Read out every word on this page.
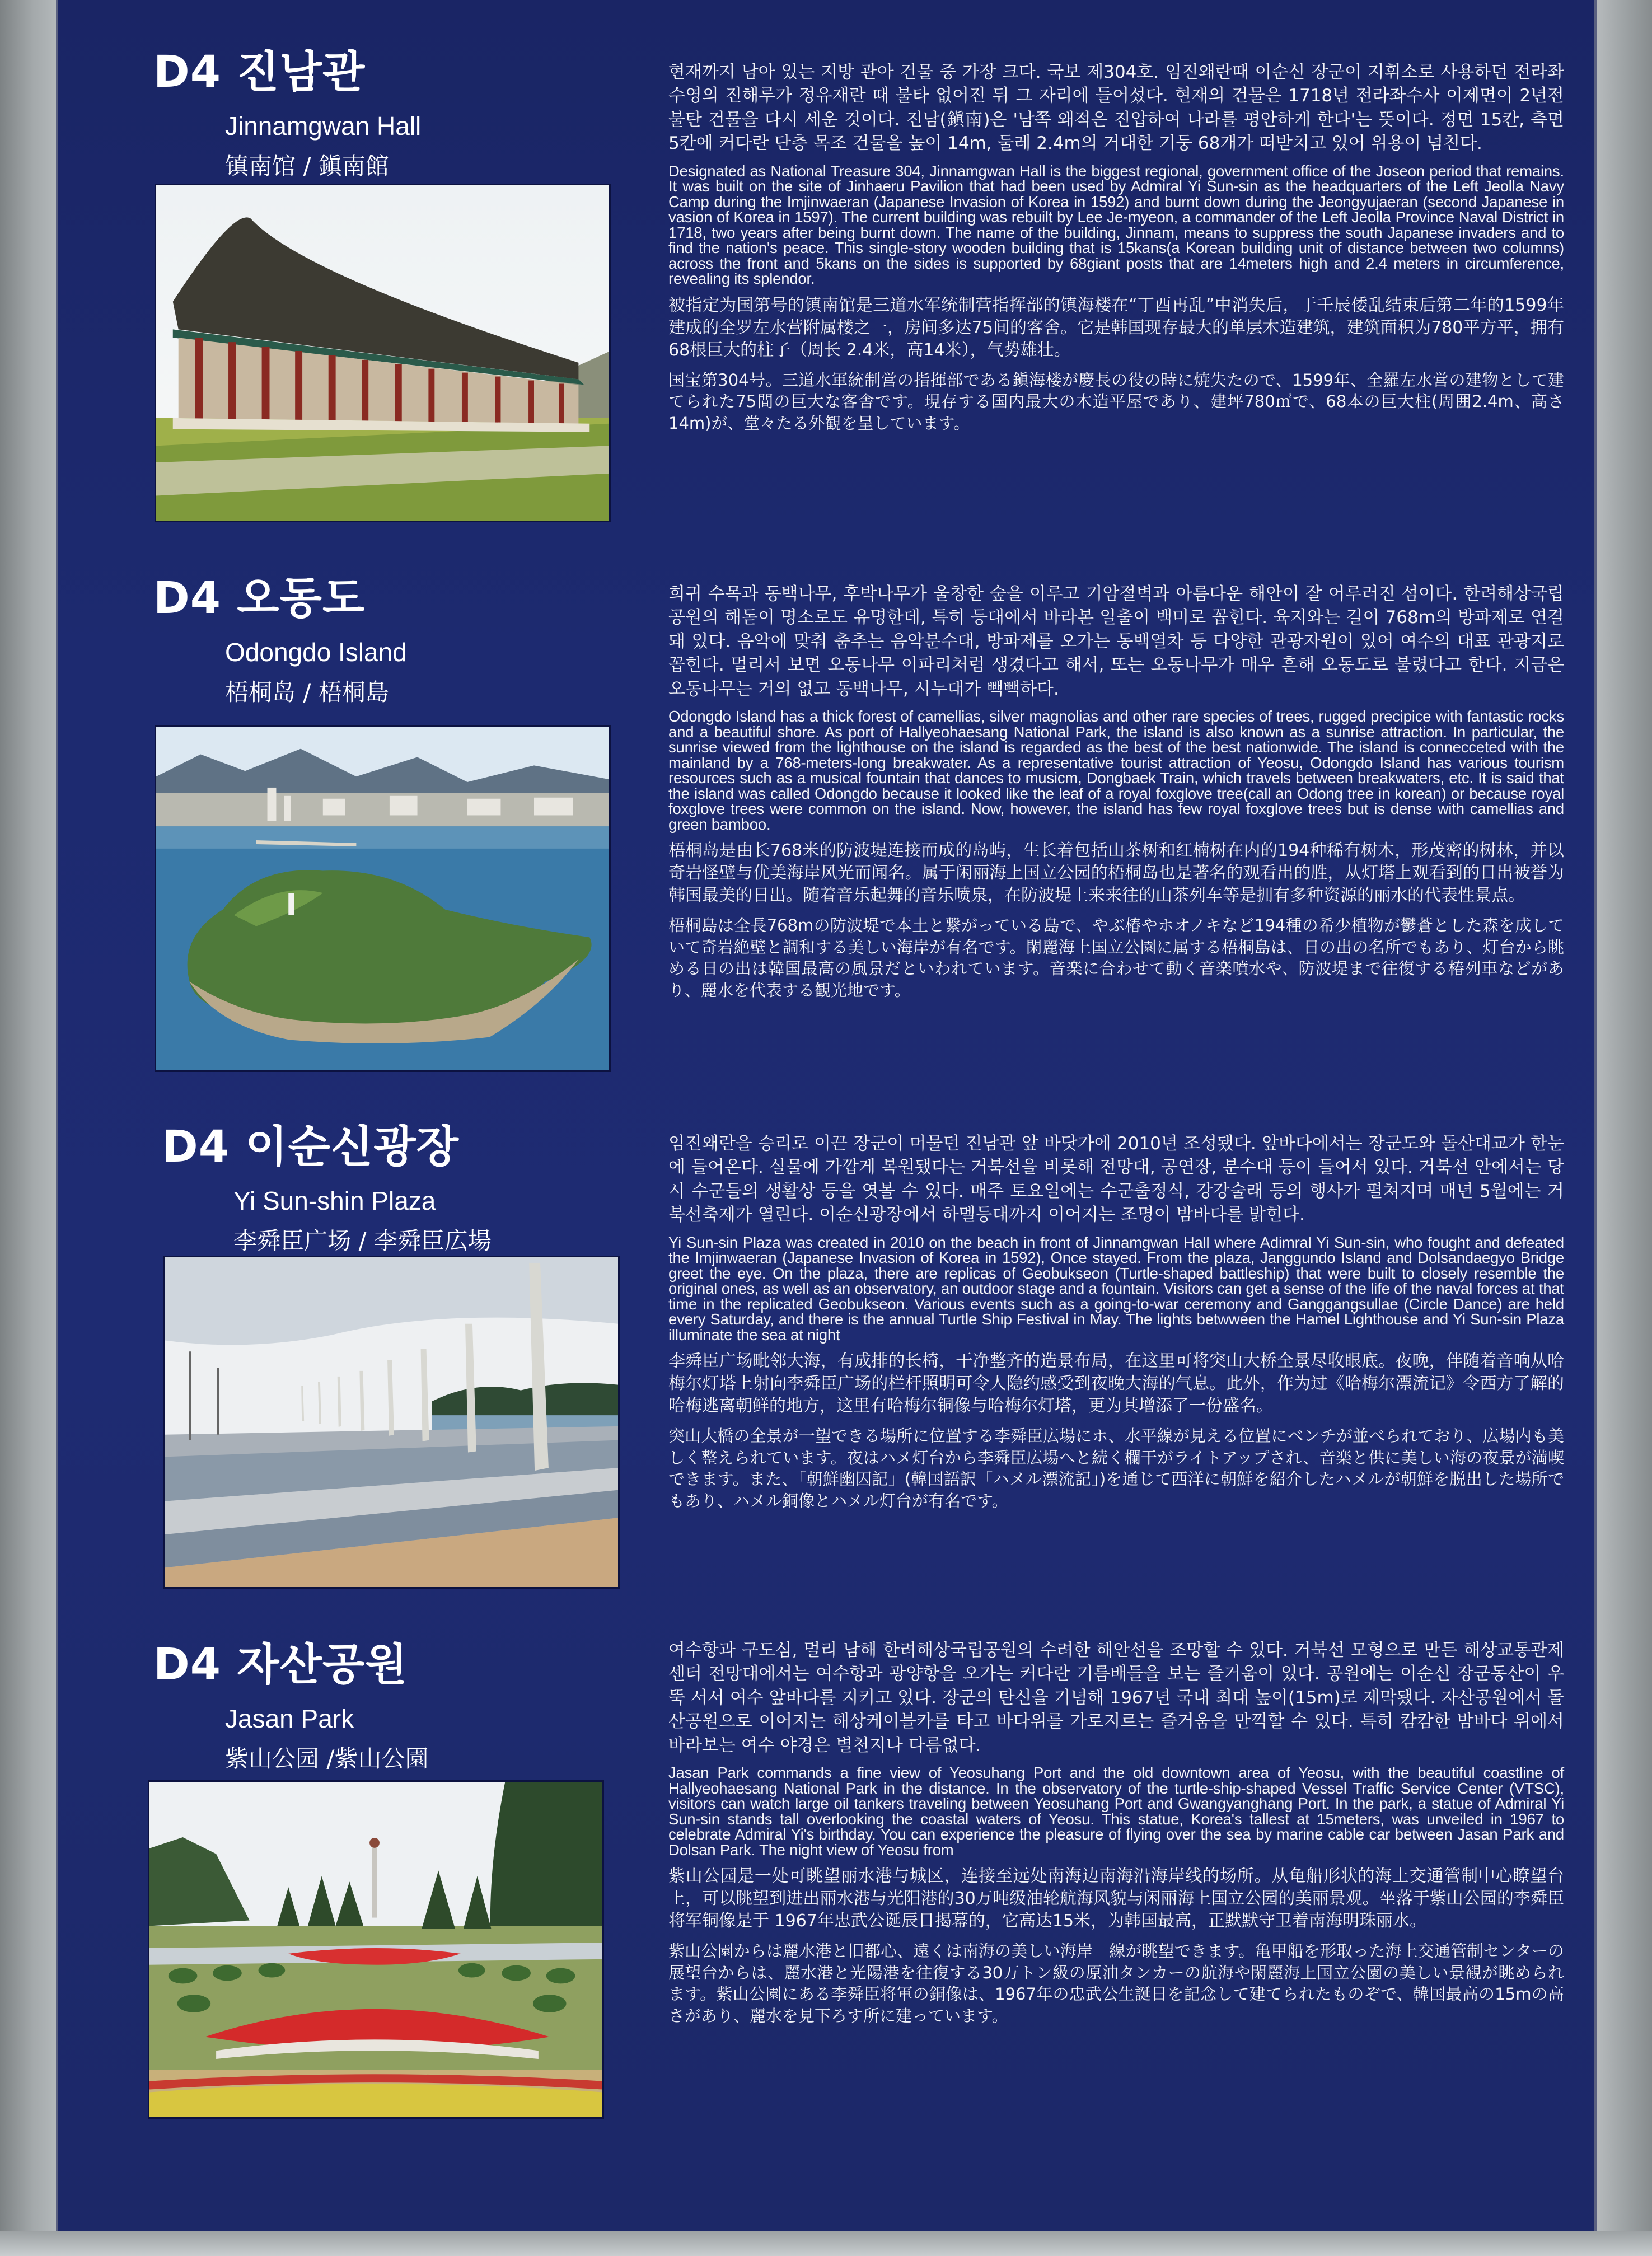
D4 진남관
Jinnamgwan Hall
镇南馆 / 鎭南館

현재까지 남아 있는 지방 관아 건물 중 가장 크다. 국보 제304호. 임진왜란때 이순신 장군이 지휘소로 사용하던 전라좌수영의 진해루가 정유재란 때 불타 없어진 뒤 그 자리에 들어섰다. 현재의 건물은 1718년 전라좌수사 이제면이 2년전 불탄 건물을 다시 세운 것이다. 진남(鎭南)은 '남쪽 왜적은 진압하여 나라를 평안하게 한다'는 뜻이다. 정면 15칸, 측면 5칸에 커다란 단층 목조 건물을 높이 14m, 둘레 2.4m의 거대한 기둥 68개가 떠받치고 있어 위용이 넘친다.

Designated as National Treasure 304, Jinnamgwan Hall is the biggest regional, government office of the Joseon period that remains. It was built on the site of Jinhaeru Pavilion that had been used by Admiral Yi Sun-sin as the headquarters of the Left Jeolla Navy Camp during the Imjinwaeran (Japanese Invasion of Korea in 1592) and burnt down during the Jeongyujaeran (second Japanese in vasion of Korea in 1597). The current building was rebuilt by Lee Je-myeon, a commander of the Left Jeolla Province Naval District in 1718, two years after being burnt down. The name of the building, Jinnam, means to suppress the south Japanese invaders and to find the nation's peace. This single-story wooden building that is 15kans(a Korean building unit of distance between two columns) across the front and 5kans on the sides is supported by 68giant posts that are 14meters high and 2.4 meters in circumference, revealing its splendor.

被指定为国第号的镇南馆是三道水军统制营指挥部的镇海楼在“丁酉再乱”中消失后，于壬辰倭乱结束后第二年的1599年建成的全罗左水营附属楼之一，房间多达75间的客舍。它是韩国现存最大的单层木造建筑，建筑面积为780平方平，拥有68根巨大的柱子（周长 2.4米，高14米），气势雄壮。

国宝第304号。三道水軍統制営の指揮部である鎭海楼が慶長の役の時に焼失たので、1599年、全羅左水営の建物として建てられた75間の巨大な客舎です。現存する国内最大の木造平屋であり、建坪780㎡で、68本の巨大柱(周囲2.4m、高さ14m)が、堂々たる外観を呈しています。

D4 오동도
Odongdo Island
梧桐岛 / 梧桐島

희귀 수목과 동백나무, 후박나무가 울창한 숲을 이루고 기암절벽과 아름다운 해안이 잘 어루러진 섬이다. 한려해상국립공원의 해돋이 명소로도 유명한데, 특히 등대에서 바라본 일출이 백미로 꼽힌다. 육지와는 길이 768m의 방파제로 연결돼 있다. 음악에 맞춰 춤추는 음악분수대, 방파제를 오가는 동백열차 등 다양한 관광자원이 있어 여수의 대표 관광지로 꼽힌다. 멀리서 보면 오동나무 이파리처럼 생겼다고 해서, 또는 오동나무가 매우 흔해 오동도로 불렸다고 한다. 지금은 오동나무는 거의 없고 동백나무, 시누대가 빽빽하다.

Odongdo Island has a thick forest of camellias, silver magnolias and other rare species of trees, rugged precipice with fantastic rocks and a beautiful shore. As port of Hallyeohaesang National Park, the island is also known as a sunrise attraction. In particular, the sunrise viewed from the lighthouse on the island is regarded as the best of the best nationwide. The island is connecceted with the mainland by a 768-meters-long breakwater. As a representative tourist attraction of Yeosu, Odongdo Island has various tourism resources such as a musical fountain that dances to musicm, Dongbaek Train, which travels between breakwaters, etc. It is said that the island was called Odongdo because it looked like the leaf of a royal foxglove tree(call an Odong tree in korean) or because royal foxglove trees were common on the island. Now, however, the island has few royal foxglove trees but is dense with camellias and green bamboo.

梧桐岛是由长768米的防波堤连接而成的岛屿，生长着包括山茶树和红楠树在内的194种稀有树木，形茂密的树林，并以奇岩怪壁与优美海岸风光而闻名。属于闲丽海上国立公园的梧桐岛也是著名的观看出的胜，从灯塔上观看到的日出被誉为韩国最美的日出。随着音乐起舞的音乐喷泉，在防波堤上来来往的山茶列车等是拥有多种资源的丽水的代表性景点。

梧桐島は全長768mの防波堤で本土と繋がっている島で、やぶ椿やホオノキなど194種の希少植物が鬱蒼とした森を成していて奇岩絶壁と調和する美しい海岸が有名です。閑麗海上国立公園に属する梧桐島は、日の出の名所でもあり、灯台から眺める日の出は韓国最高の風景だといわれています。音楽に合わせて動く音楽噴水や、防波堤まで往復する椿列車などがあり、麗水を代表する観光地です。

D4 이순신광장
Yi Sun-shin Plaza
李舜臣广场 / 李舜臣広場

임진왜란을 승리로 이끈 장군이 머물던 진남관 앞 바닷가에 2010년 조성됐다. 앞바다에서는 장군도와 돌산대교가 한눈에 들어온다. 실물에 가깝게 복원됐다는 거북선을 비롯해 전망대, 공연장, 분수대 등이 들어서 있다. 거북선 안에서는 당시 수군들의 생활상 등을 엿볼 수 있다. 매주 토요일에는 수군출정식, 강강술래 등의 행사가 펼쳐지며 매년 5월에는 거북선축제가 열린다. 이순신광장에서 하멜등대까지 이어지는 조명이 밤바다를 밝힌다.

Yi Sun-sin Plaza was created in 2010 on the beach in front of Jinnamgwan Hall where Adimral Yi Sun-sin, who fought and defeated the Imjinwaeran (Japanese Invasion of Korea in 1592), Once stayed. From the plaza, Janggundo Island and Dolsandaegyo Bridge greet the eye. On the plaza, there are replicas of Geobukseon (Turtle-shaped battleship) that were built to closely resemble the original ones, as well as an observatory, an outdoor stage and a fountain. Visitors can get a sense of the life of the naval forces at that time in the replicated Geobukseon. Various events such as a going-to-war ceremony and Ganggangsullae (Circle Dance) are held every Saturday, and there is the annual Turtle Ship Festival in May. The lights betwween the Hamel Lighthouse and Yi Sun-sin Plaza illuminate the sea at night

李舜臣广场毗邻大海，有成排的长椅，干净整齐的造景布局，在这里可将突山大桥全景尽收眼底。夜晚，伴随着音响从哈梅尔灯塔上射向李舜臣广场的栏杆照明可令人隐约感受到夜晚大海的气息。此外，作为过《哈梅尔漂流记》令西方了解的哈梅逃离朝鲜的地方，这里有哈梅尔铜像与哈梅尔灯塔，更为其增添了一份盛名。

突山大橋の全景が一望できる場所に位置する李舜臣広場にホ、水平線が見える位置にベンチが並べられており、広場内も美しく整えられています。夜はハメ灯台から李舜臣広場へと続く欄干がライトアップされ、音楽と供に美しい海の夜景が満喫できます。また、「朝鮮幽囚記」(韓国語訳「ハメル漂流記」)を通じて西洋に朝鮮を紹介したハメルが朝鮮を脱出した場所でもあり、ハメル銅像とハメル灯台が有名です。

D4 자산공원
Jasan Park
紫山公园 /紫山公園

여수항과 구도심, 멀리 남해 한려해상국립공원의 수려한 해안선을 조망할 수 있다. 거북선 모형으로 만든 해상교통관제센터 전망대에서는 여수항과 광양항을 오가는 커다란 기름배들을 보는 즐거움이 있다. 공원에는 이순신 장군동산이 우뚝 서서 여수 앞바다를 지키고 있다. 장군의 탄신을 기념해 1967년 국내 최대 높이(15m)로 제막됐다. 자산공원에서 돌산공원으로 이어지는 해상케이블카를 타고 바다위를 가로지르는 즐거움을 만끽할 수 있다. 특히 캄캄한 밤바다 위에서 바라보는 여수 야경은 별천지나 다름없다.

Jasan Park commands a fine view of Yeosuhang Port and the old downtown area of Yeosu, with the beautiful coastline of Hallyeohaesang National Park in the distance. In the observatory of the turtle-ship-shaped Vessel Traffic Service Center (VTSC), visitors can watch large oil tankers traveling between Yeosuhang Port and Gwangyanghang Port. In the park, a statue of Admiral Yi Sun-sin stands tall overlooking the coastal waters of Yeosu. This statue, Korea's tallest at 15meters, was unveiled in 1967 to celebrate Admiral Yi's birthday. You can experience the pleasure of flying over the sea by marine cable car between Jasan Park and Dolsan Park. The night view of Yeosu from

紫山公园是一处可眺望丽水港与城区，连接至远处南海边南海沿海岸线的场所。从龟船形状的海上交通管制中心瞭望台上，可以眺望到进出丽水港与光阳港的30万吨级油轮航海风貌与闲丽海上国立公园的美丽景观。坐落于紫山公园的李舜臣将军铜像是于 1967年忠武公诞辰日揭幕的，它高达15米，为韩国最高，正默默守卫着南海明珠丽水。

紫山公園からは麗水港と旧都心、遠くは南海の美しい海岸　線が眺望できます。亀甲船を形取った海上交通管制センターの展望台からは、麗水港と光陽港を往復する30万トン級の原油タンカーの航海や閑麗海上国立公園の美しい景観が眺められます。紫山公園にある李舜臣将軍の銅像は、1967年の忠武公生誕日を記念して建てられたものぞで、韓国最高の15mの高さがあり、麗水を見下ろす所に建っています。
